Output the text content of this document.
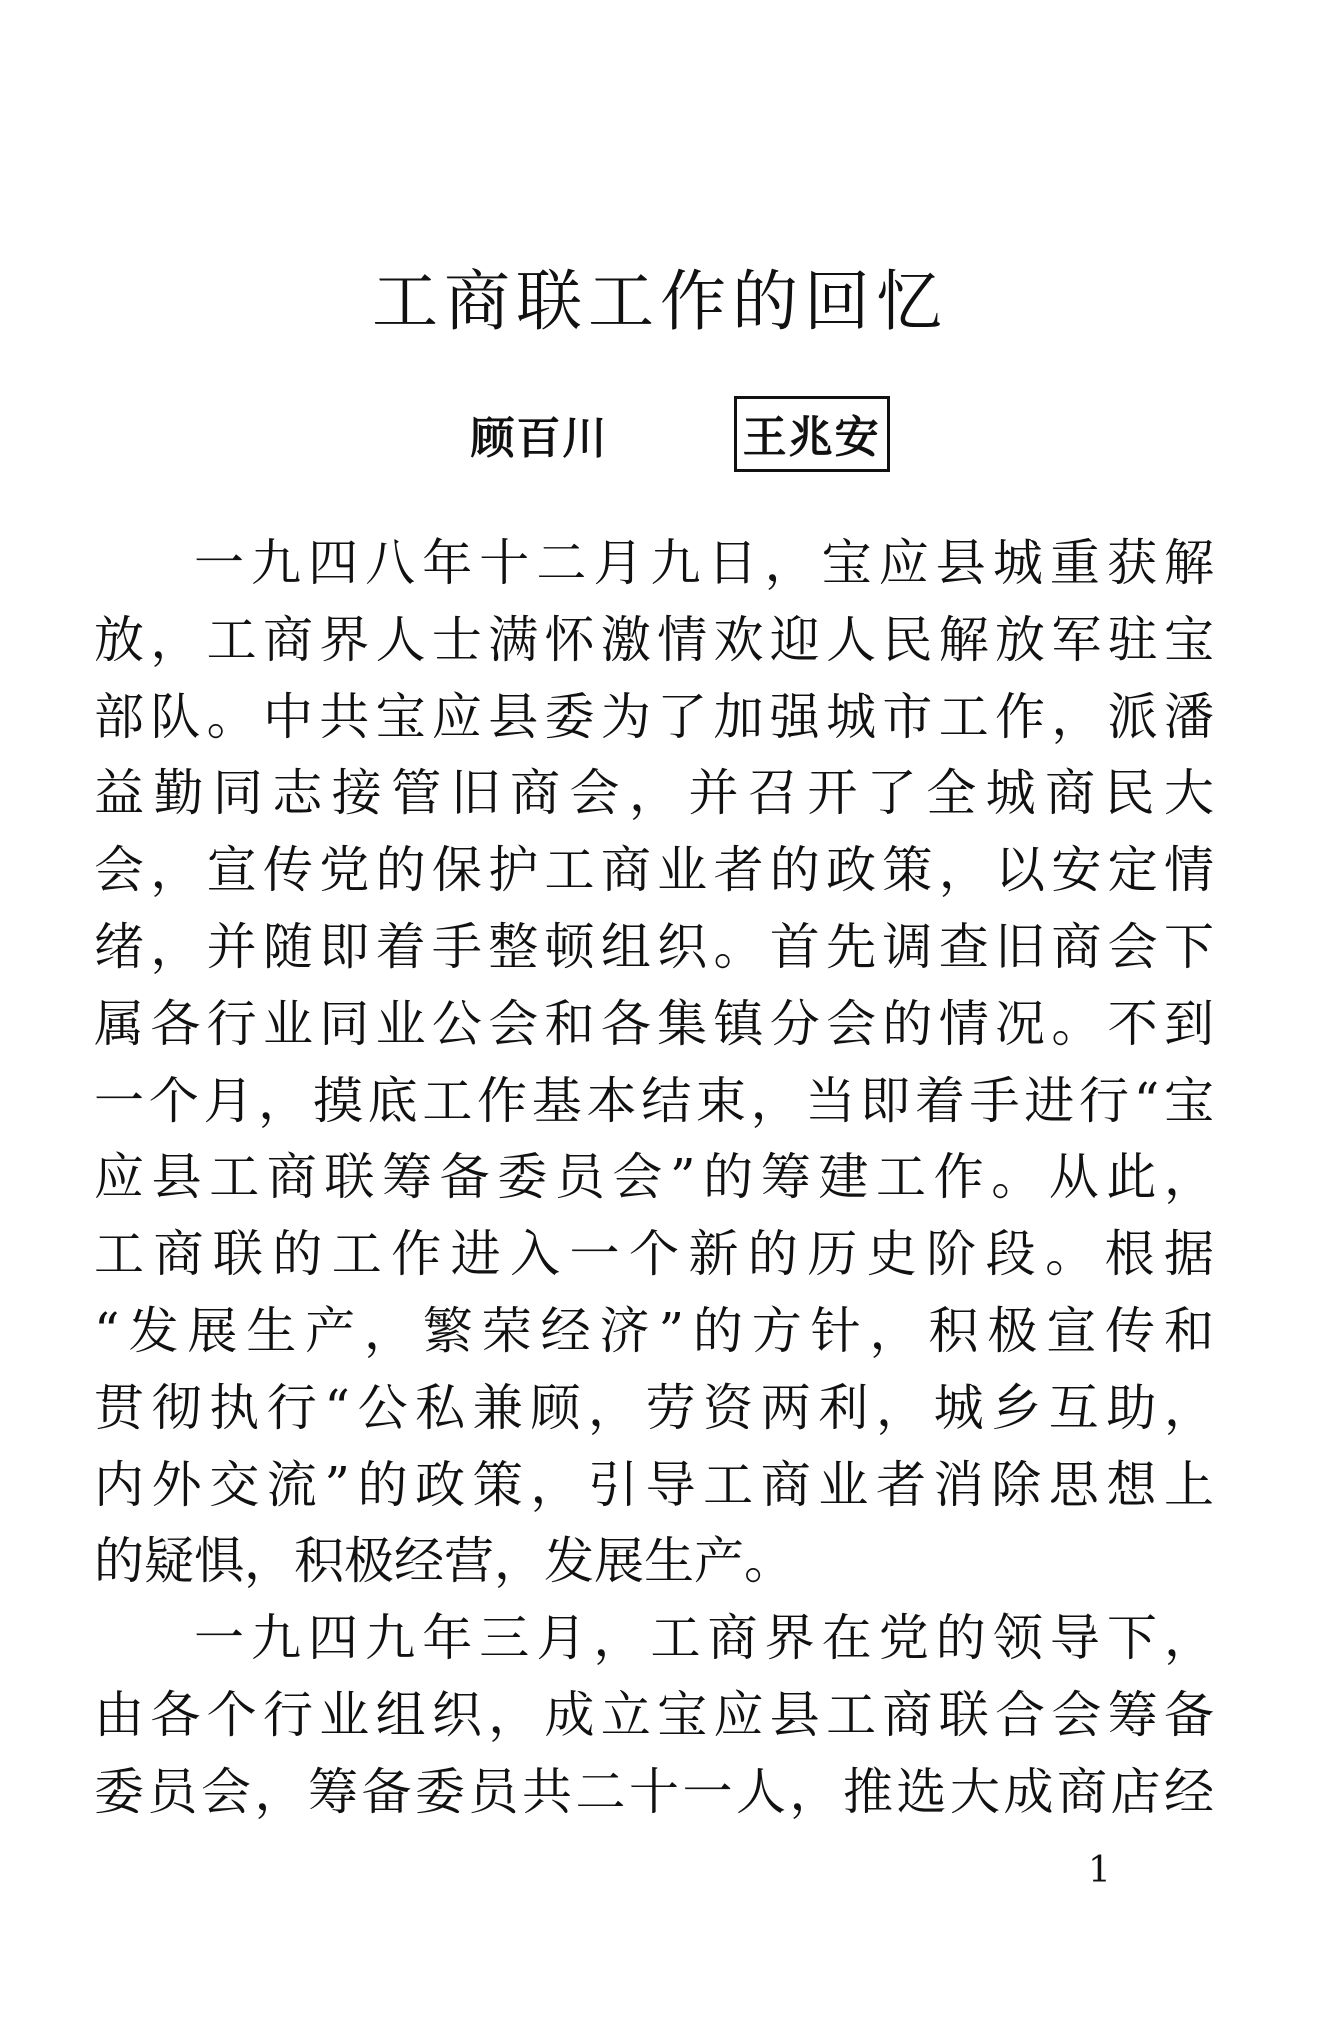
工商联工作的回忆
顾百川	王兆安
一九四八年十二月九日，宝应县城重获解
放，工商界人士满怀激情欢迎人民解放军驻宝
部队。中共宝应县委为了加强城市工作，派潘
益勤同志接管旧商会，并召开了全城商民大
会，宣传党的保护工商业者的政策，以安定情
绪，并随即着手整顿组织。首先调查旧商会下
属各行业同业公会和各集镇分会的情况。不到
一个月，摸底工作基本结束，当即着手进行“宝
应县工商联筹备委员会”的筹建工作。从此，
工商联的工作进入一个新的历史阶段。根据
“发展生产，繁荣经济”的方针，积极宣传和
贯彻执行“公私兼顾，劳资两利，城乡互助，
内外交流”的政策，引导工商业者消除思想上
的疑惧，积极经营，发展生产。
一九四九年三月，工商界在党的领导下，
由各个行业组织，成立宝应县工商联合会筹备
委员会，筹备委员共二十一人，推选大成商店经
1
